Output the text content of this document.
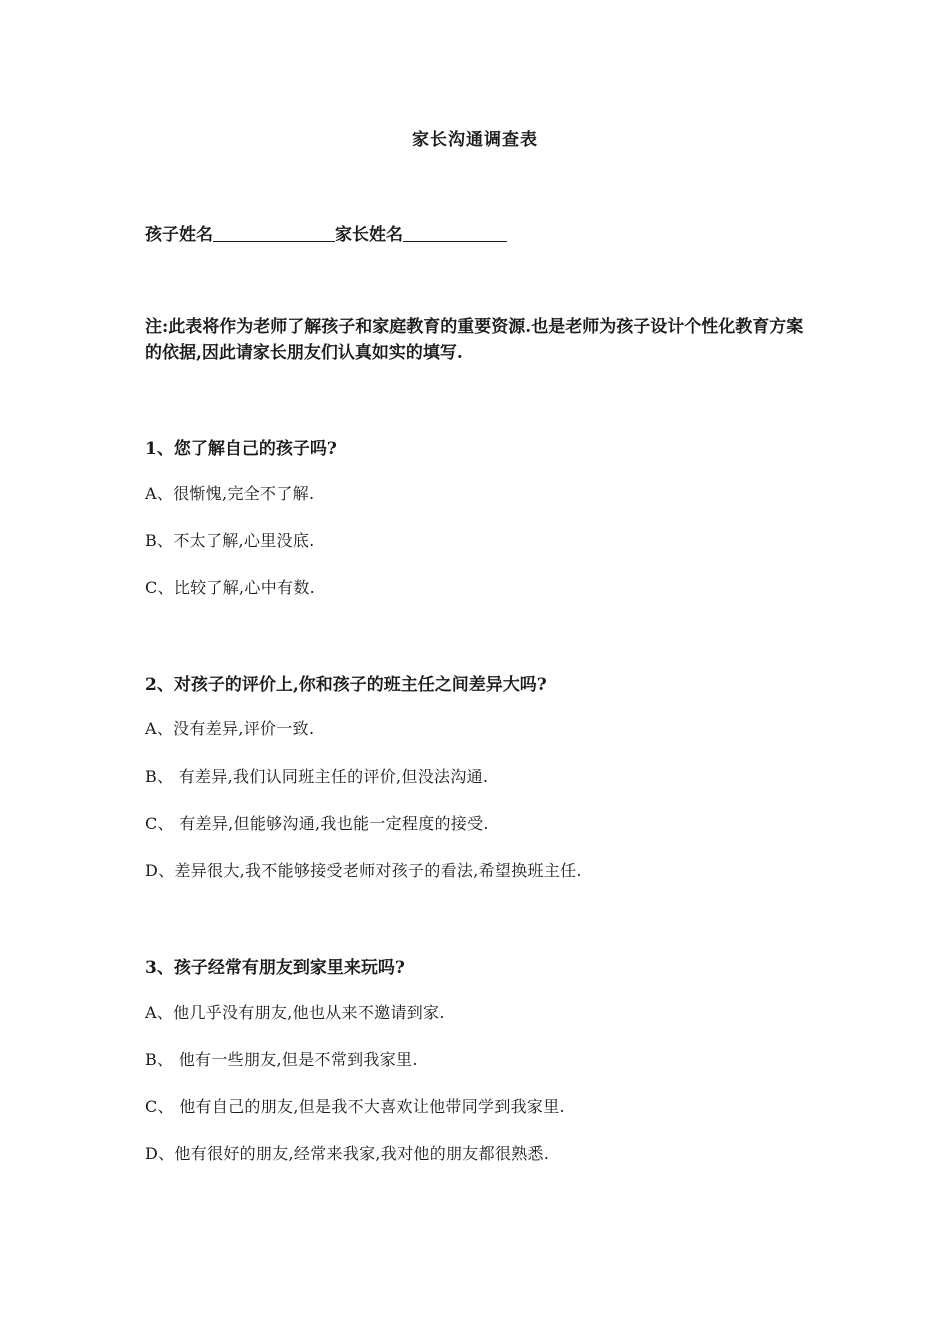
家长沟通调查表
孩子姓名	家长姓名
注:此表将作为老师了解孩子和家庭教育的重要资源.也是老师为孩子设计个性化教育方案的依据,因此请家长朋友们认真如实的填写.
1、您了解自己的孩子吗?
A、很惭愧,完全不了解.
B、不太了解,心里没底.
C、比较了解,心中有数.
2、对孩子的评价上,你和孩子的班主任之间差异大吗?
A、没有差异,评价一致.
B、 有差异,我们认同班主任的评价,但没法沟通.
C、 有差异,但能够沟通,我也能一定程度的接受.
D、差异很大,我不能够接受老师对孩子的看法,希望换班主任.
3、孩子经常有朋友到家里来玩吗?
A、他几乎没有朋友,他也从来不邀请到家.
B、 他有一些朋友,但是不常到我家里.
C、 他有自己的朋友,但是我不大喜欢让他带同学到我家里.
D、他有很好的朋友,经常来我家,我对他的朋友都很熟悉.
